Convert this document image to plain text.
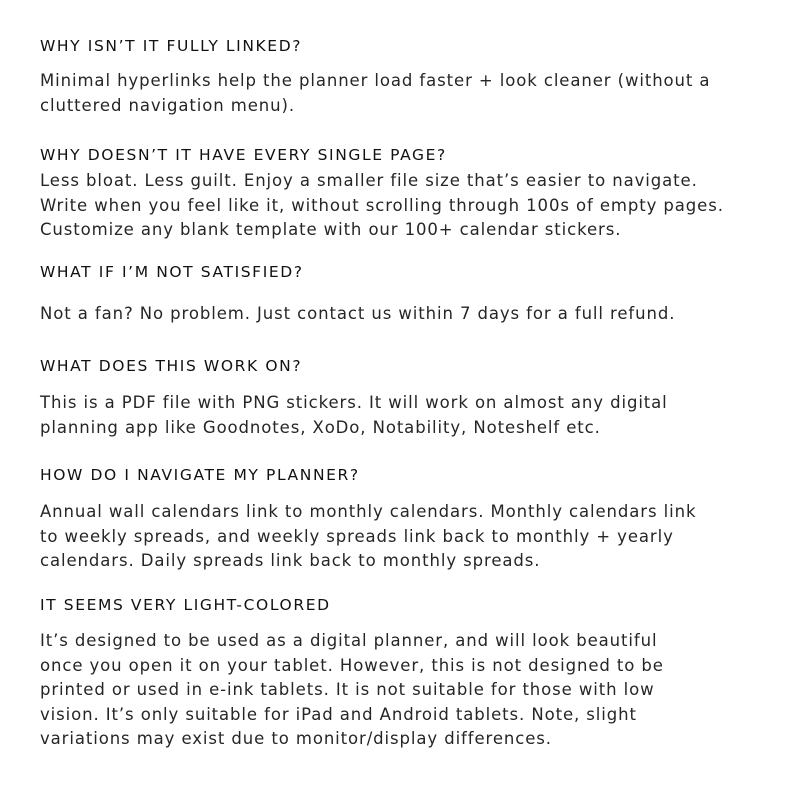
WHY ISN’T IT FULLY LINKED?
Minimal hyperlinks help the planner load faster + look cleaner (without a
cluttered navigation menu).
WHY DOESN’T IT HAVE EVERY SINGLE PAGE?
Less bloat. Less guilt. Enjoy a smaller file size that’s easier to navigate.
Write when you feel like it, without scrolling through 100s of empty pages.
Customize any blank template with our 100+ calendar stickers.
WHAT IF I’M NOT SATISFIED?
Not a fan? No problem. Just contact us within 7 days for a full refund.
WHAT DOES THIS WORK ON?
This is a PDF file with PNG stickers. It will work on almost any digital
planning app like Goodnotes, XoDo, Notability, Noteshelf etc.
HOW DO I NAVIGATE MY PLANNER?
Annual wall calendars link to monthly calendars. Monthly calendars link
to weekly spreads, and weekly spreads link back to monthly + yearly
calendars. Daily spreads link back to monthly spreads.
IT SEEMS VERY LIGHT-COLORED
It’s designed to be used as a digital planner, and will look beautiful
once you open it on your tablet. However, this is not designed to be
printed or used in e-ink tablets. It is not suitable for those with low
vision. It’s only suitable for iPad and Android tablets. Note, slight
variations may exist due to monitor/display differences.
